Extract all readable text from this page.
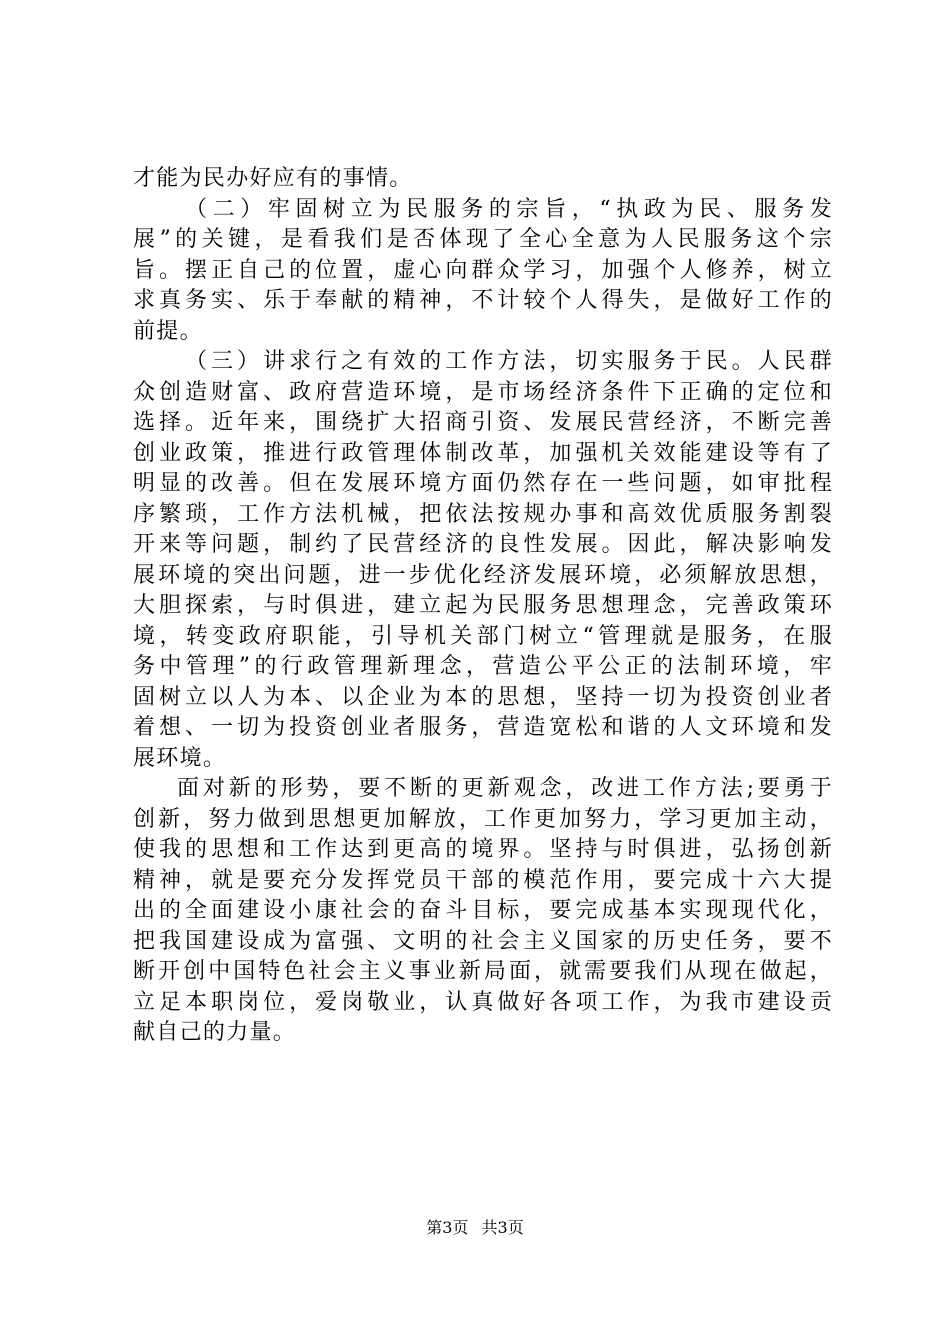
才能为民办好应有的事情。
（二）牢固树立为民服务的宗旨，“执政为民、服务发
展”的关键，是看我们是否体现了全心全意为人民服务这个宗
旨。摆正自己的位置，虚心向群众学习，加强个人修养，树立
求真务实、乐于奉献的精神，不计较个人得失，是做好工作的
前提。
（三）讲求行之有效的工作方法，切实服务于民。人民群
众创造财富、政府营造环境，是市场经济条件下正确的定位和
选择。近年来，围绕扩大招商引资、发展民营经济，不断完善
创业政策，推进行政管理体制改革，加强机关效能建设等有了
明显的改善。但在发展环境方面仍然存在一些问题，如审批程
序繁琐，工作方法机械，把依法按规办事和高效优质服务割裂
开来等问题，制约了民营经济的良性发展。因此，解决影响发
展环境的突出问题，进一步优化经济发展环境，必须解放思想，
大胆探索，与时俱进，建立起为民服务思想理念，完善政策环
境，转变政府职能，引导机关部门树立“管理就是服务，在服
务中管理”的行政管理新理念，营造公平公正的法制环境，牢
固树立以人为本、以企业为本的思想，坚持一切为投资创业者
着想、一切为投资创业者服务，营造宽松和谐的人文环境和发
展环境。
面对新的形势，要不断的更新观念，改进工作方法;要勇于
创新，努力做到思想更加解放，工作更加努力，学习更加主动，
使我的思想和工作达到更高的境界。坚持与时俱进，弘扬创新
精神，就是要充分发挥党员干部的模范作用，要完成十六大提
出的全面建设小康社会的奋斗目标，要完成基本实现现代化，
把我国建设成为富强、文明的社会主义国家的历史任务，要不
断开创中国特色社会主义事业新局面，就需要我们从现在做起，
立足本职岗位，爱岗敬业，认真做好各项工作，为我市建设贡
献自己的力量。
第3页 共3页
